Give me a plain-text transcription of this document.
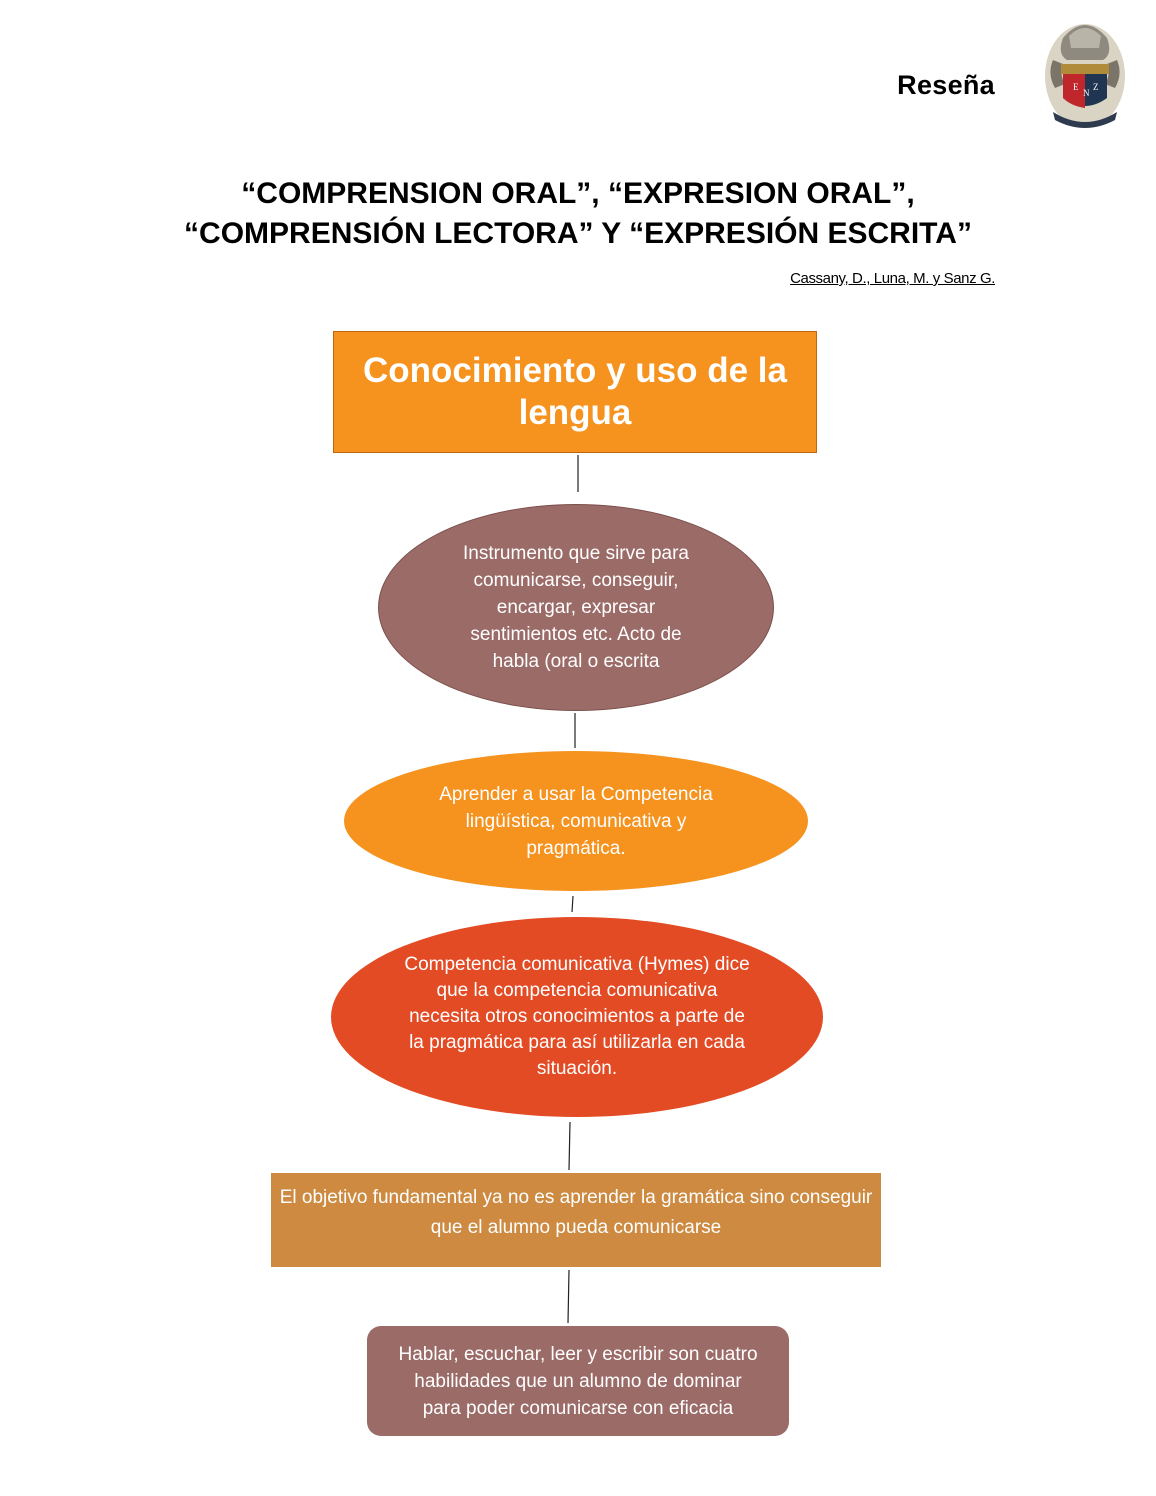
Reseña	E
N
Z
“COMPRENSION ORAL”, “EXPRESION ORAL”,
“COMPRENSIÓN LECTORA” Y “EXPRESIÓN ESCRITA”
Cassany, D., Luna, M. y Sanz G.
Conocimiento y uso de la lengua
Instrumento que sirve para comunicarse, conseguir, encargar, expresar sentimientos etc. Acto de habla (oral o escrita
Aprender a usar la Competencia lingüística, comunicativa y pragmática.
Competencia comunicativa (Hymes) dice que la competencia comunicativa necesita otros conocimientos a parte de la pragmática para así utilizarla en cada situación.
El objetivo fundamental ya no es aprender la gramática sino conseguir que el alumno pueda comunicarse
Hablar, escuchar, leer y escribir son cuatro habilidades que un alumno de dominar para poder comunicarse con eficacia
